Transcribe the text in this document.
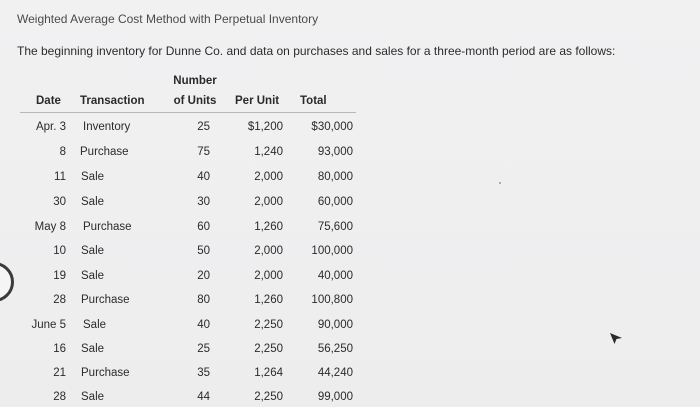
Weighted Average Cost Method with Perpetual Inventory
The beginning inventory for Dunne Co. and data on purchases and sales for a three-month period are as follows:
Date Transaction
Number
of Units	Per Unit Total
Apr. 3 Inventory	25	$1,200	$30,000
8 Purchase	75	1,240	93,000
11 Sale	40	2,000	80,000
30 Sale	30	2,000	60,000
May 8 Purchase	60	1,260	75,600
10 Sale	50	2,000	100,000
19 Sale	20	2,000	40,000
28 Purchase	80	1,260	100,800
June 5 Sale	40	2,250	90,000
16 Sale	25	2,250	56,250
21 Purchase	35	1,264	44,240
28 Sale	44	2,250	99,000
